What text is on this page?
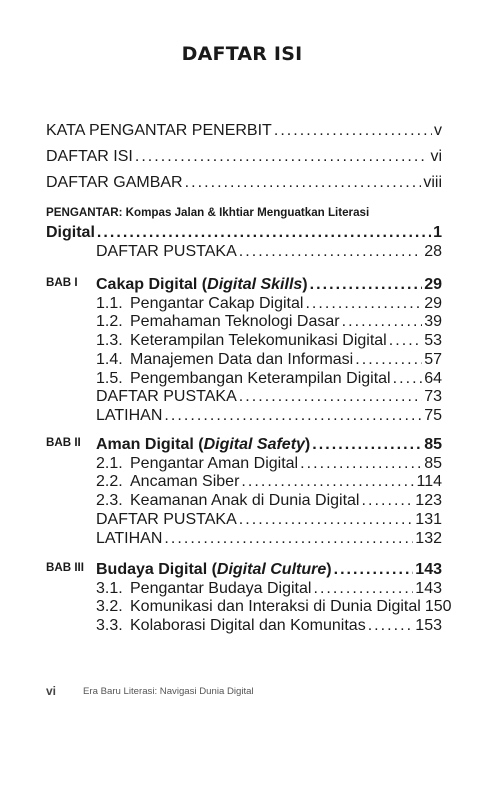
DAFTAR ISI
vi	Era Baru Literasi: Navigasi Dunia Digital
KATA PENGANTAR PENERBIT . . .	v
DAFTAR ISI . . .	vi
DAFTAR GAMBAR . . .	viii
PENGANTAR: Kompas Jalan & Ikhtiar Menguatkan Literasi
Digital . . .	1
DAFTAR PUSTAKA . . .	28
BAB I Cakap Digital (Digital Skills) . . .	29
1.1. Pengantar Cakap Digital . . .	29
1.2. Pemahaman Teknologi Dasar . . .	39
1.3. Keterampilan Telekomunikasi Digital . . . 53
1.4. Manajemen Data dan Informasi . . .	57
1.5. Pengembangan Keterampilan Digital . . . 64
DAFTAR PUSTAKA . . .	73
LATIHAN . . .	75
BAB II Aman Digital (Digital Safety) . . .	85
2.1. Pengantar Aman Digital . . .	85
2.2. Ancaman Siber . . .	114
2.3. Keamanan Anak di Dunia Digital . . .	123
DAFTAR PUSTAKA . . .	131
LATIHAN . . .	132
BAB III Budaya Digital (Digital Culture) . . .	143
3.1. Pengantar Budaya Digital . . .	143
3.2. Komunikasi dan Interaksi di Dunia Digital 150
3.3. Kolaborasi Digital dan Komunitas . . .	153
